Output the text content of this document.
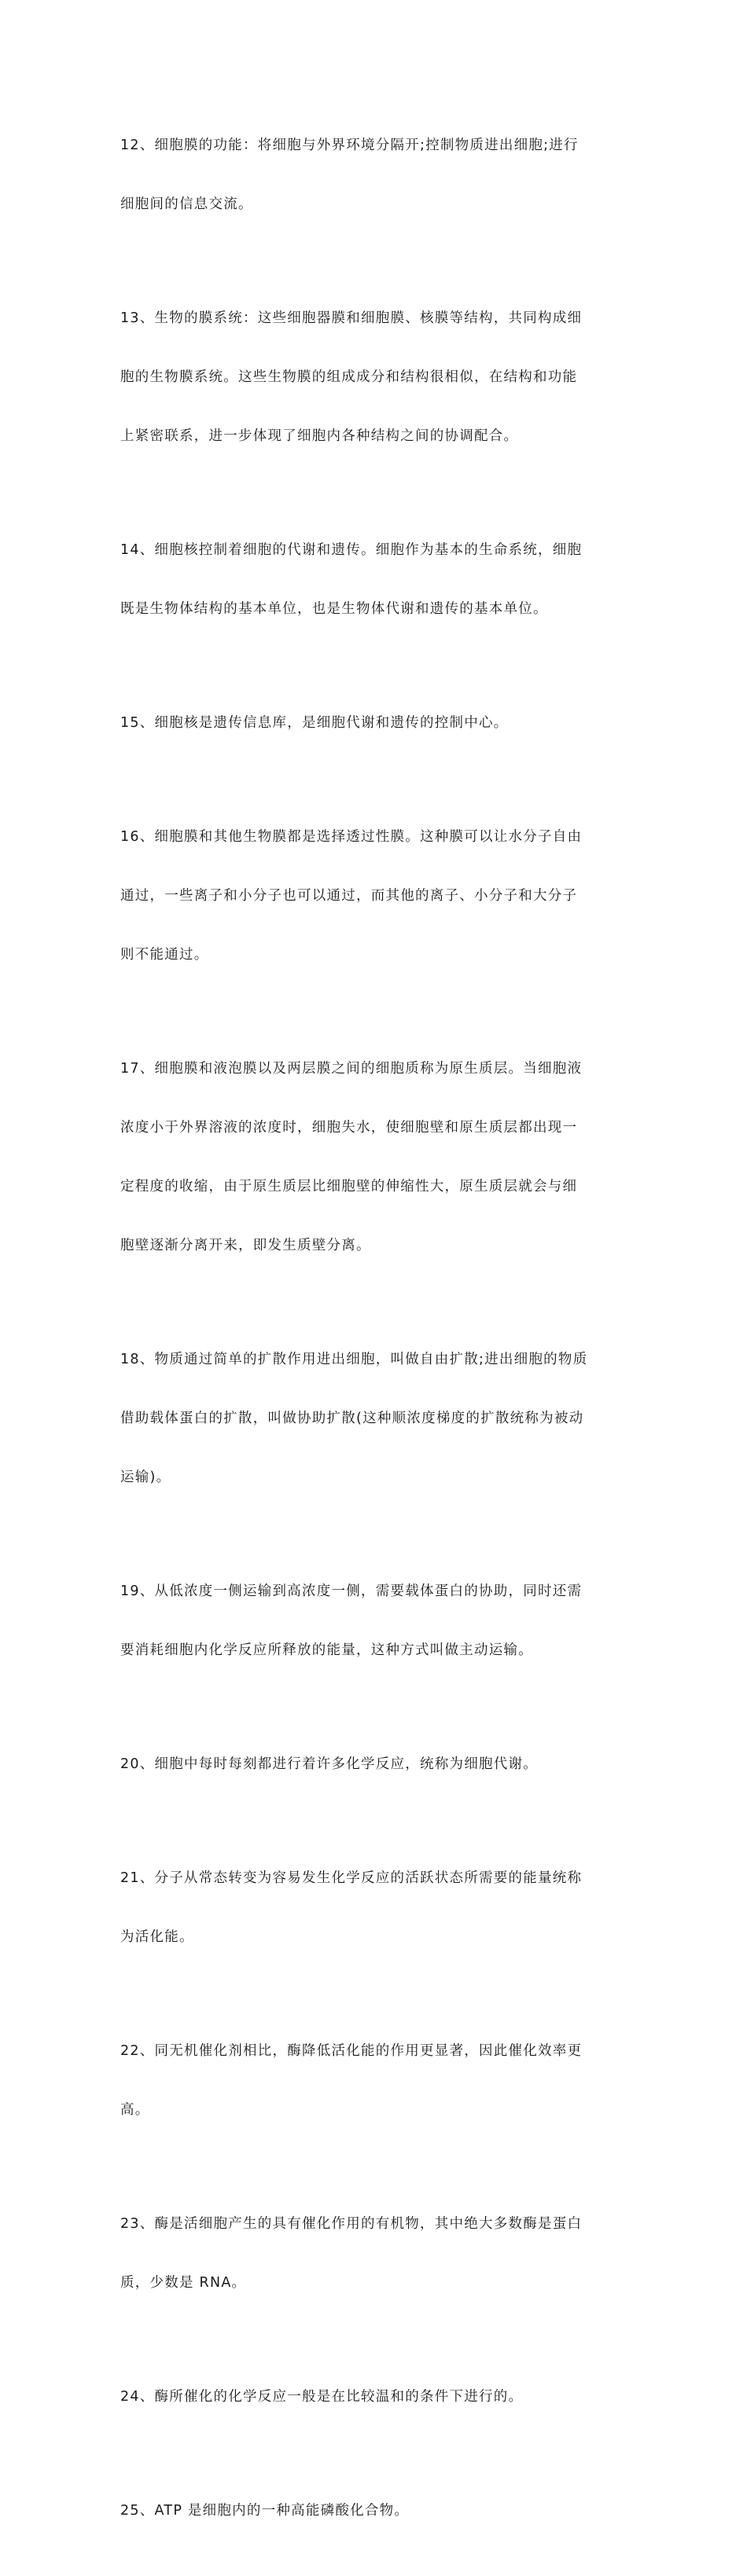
12、细胞膜的功能：将细胞与外界环境分隔开;控制物质进出细胞;进行

细胞间的信息交流。

13、生物的膜系统：这些细胞器膜和细胞膜、核膜等结构，共同构成细

胞的生物膜系统。这些生物膜的组成成分和结构很相似，在结构和功能

上紧密联系，进一步体现了细胞内各种结构之间的协调配合。

14、细胞核控制着细胞的代谢和遗传。细胞作为基本的生命系统，细胞

既是生物体结构的基本单位，也是生物体代谢和遗传的基本单位。

15、细胞核是遗传信息库，是细胞代谢和遗传的控制中心。

16、细胞膜和其他生物膜都是选择透过性膜。这种膜可以让水分子自由

通过，一些离子和小分子也可以通过，而其他的离子、小分子和大分子

则不能通过。

17、细胞膜和液泡膜以及两层膜之间的细胞质称为原生质层。当细胞液

浓度小于外界溶液的浓度时，细胞失水，使细胞壁和原生质层都出现一

定程度的收缩，由于原生质层比细胞壁的伸缩性大，原生质层就会与细

胞壁逐渐分离开来，即发生质壁分离。

18、物质通过简单的扩散作用进出细胞，叫做自由扩散;进出细胞的物质

借助载体蛋白的扩散，叫做协助扩散(这种顺浓度梯度的扩散统称为被动

运输)。

19、从低浓度一侧运输到高浓度一侧，需要载体蛋白的协助，同时还需

要消耗细胞内化学反应所释放的能量，这种方式叫做主动运输。

20、细胞中每时每刻都进行着许多化学反应，统称为细胞代谢。

21、分子从常态转变为容易发生化学反应的活跃状态所需要的能量统称

为活化能。

22、同无机催化剂相比，酶降低活化能的作用更显著，因此催化效率更

高。

23、酶是活细胞产生的具有催化作用的有机物，其中绝大多数酶是蛋白

质，少数是 RNA。

24、酶所催化的化学反应一般是在比较温和的条件下进行的。

25、ATP 是细胞内的一种高能磷酸化合物。
